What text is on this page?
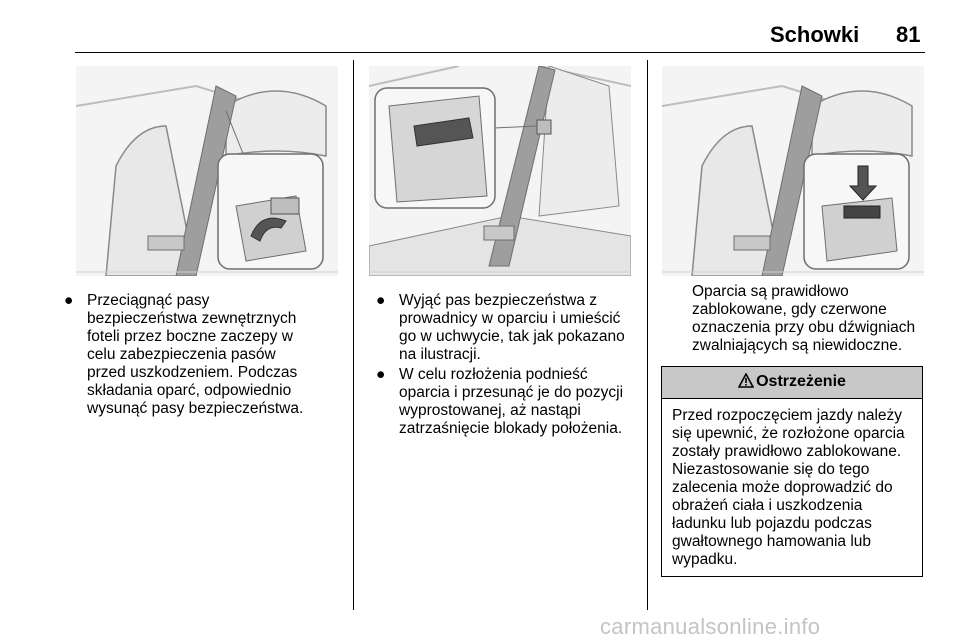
Schowki 81
● Przeciągnąć pasy
bezpieczeństwa zewnętrznych
foteli przez boczne zaczepy w
celu zabezpieczenia pasów
przed uszkodzeniem. Podczas
składania oparć, odpowiednio
wysunąć pasy bezpieczeństwa.
● Wyjąć pas bezpieczeństwa z
prowadnicy w oparciu i umieścić
go w uchwycie, tak jak pokazano
na ilustracji.
● W celu rozłożenia podnieść
oparcia i przesunąć je do pozycji
wyprostowanej, aż nastąpi
zatrzaśnięcie blokady położenia.
Oparcia są prawidłowo
zablokowane, gdy czerwone
oznaczenia przy obu dźwigniach
zwalniających są niewidoczne.
Ostrzeżenie
Przed rozpoczęciem jazdy należy
się upewnić, że rozłożone oparcia
zostały prawidłowo zablokowane.
Niezastosowanie się do tego
zalecenia może doprowadzić do
obrażeń ciała i uszkodzenia
ładunku lub pojazdu podczas
gwałtownego hamowania lub
wypadku.
carmanualsonline.info
